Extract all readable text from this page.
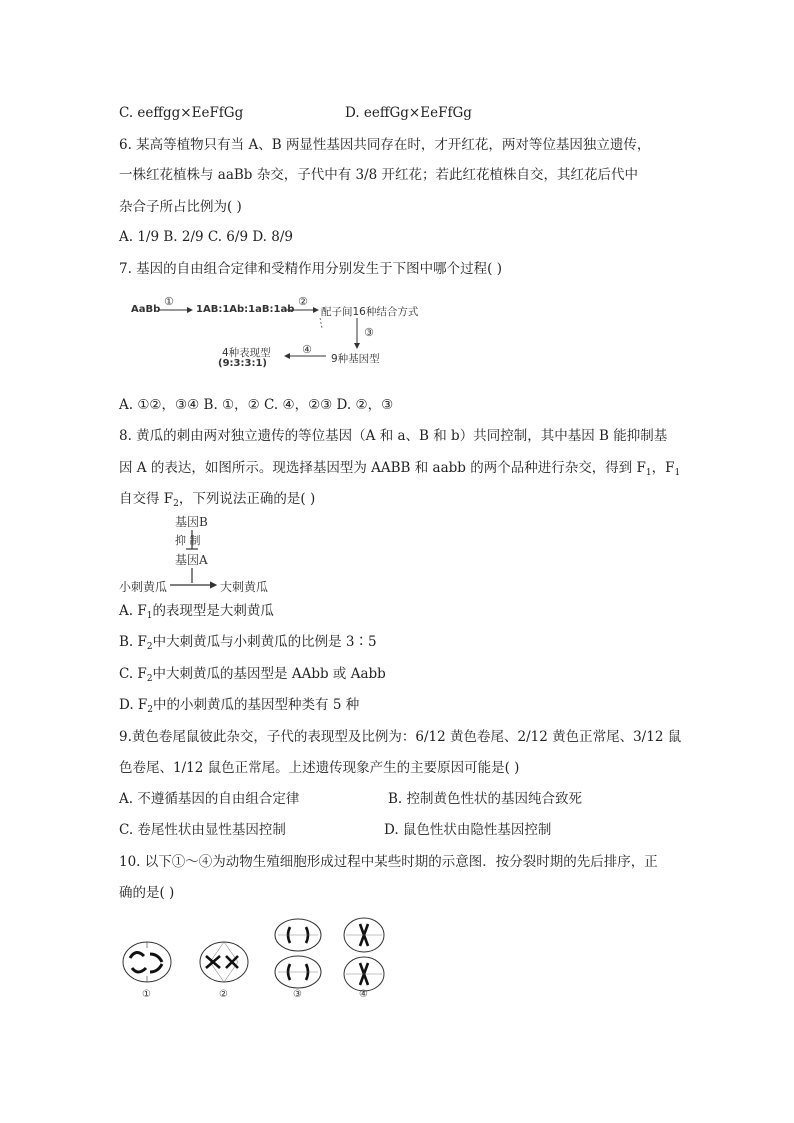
C. eeffgg×EeFfGg	D. eeffGg×EeFfGg
6. 某高等植物只有当 A、B 两显性基因共同存在时，才开红花，两对等位基因独立遗传，
一株红花植株与 aaBb 杂交，子代中有 3/8 开红花；若此红花植株自交，其红花后代中
杂合子所占比例为( )
A. 1/9 B. 2/9 C. 6/9 D. 8/9
7. 基因的自由组合定律和受精作用分别发生于下图中哪个过程( )
AaBb
①
1AB:1Ab:1aB:1ab
②
配子间16种结合方式
③
9种基因型
④
4种表现型
(9:3:3:1)
A. ①②，③④ B. ①，② C. ④，②③ D. ②，③
8. 黄瓜的刺由两对独立遗传的等位基因（A 和 a、B 和 b）共同控制，其中基因 B 能抑制基
因 A 的表达，如图所示。现选择基因型为 AABB 和 aabb 的两个品种进行杂交，得到 $F_1$，$F_1$
自交得 $F_2$，下列说法正确的是( )
基因B
抑 制
基因A
小刺黄瓜	大刺黄瓜
A. $F_1$的表现型是大刺黄瓜
B. $F_2$中大刺黄瓜与小刺黄瓜的比例是 3∶5
C. $F_2$中大刺黄瓜的基因型是 AAbb 或 Aabb
D. $F_2$中的小刺黄瓜的基因型种类有 5 种
9.黄色卷尾鼠彼此杂交，子代的表现型及比例为：6/12 黄色卷尾、2/12 黄色正常尾、3/12 鼠
色卷尾、1/12 鼠色正常尾。上述遗传现象产生的主要原因可能是( )
A. 不遵循基因的自由组合定律	B. 控制黄色性状的基因纯合致死
C. 卷尾性状由显性基因控制	D. 鼠色性状由隐性基因控制
10. 以下①～④为动物生殖细胞形成过程中某些时期的示意图．按分裂时期的先后排序，正
确的是( )
①	②	③	④
